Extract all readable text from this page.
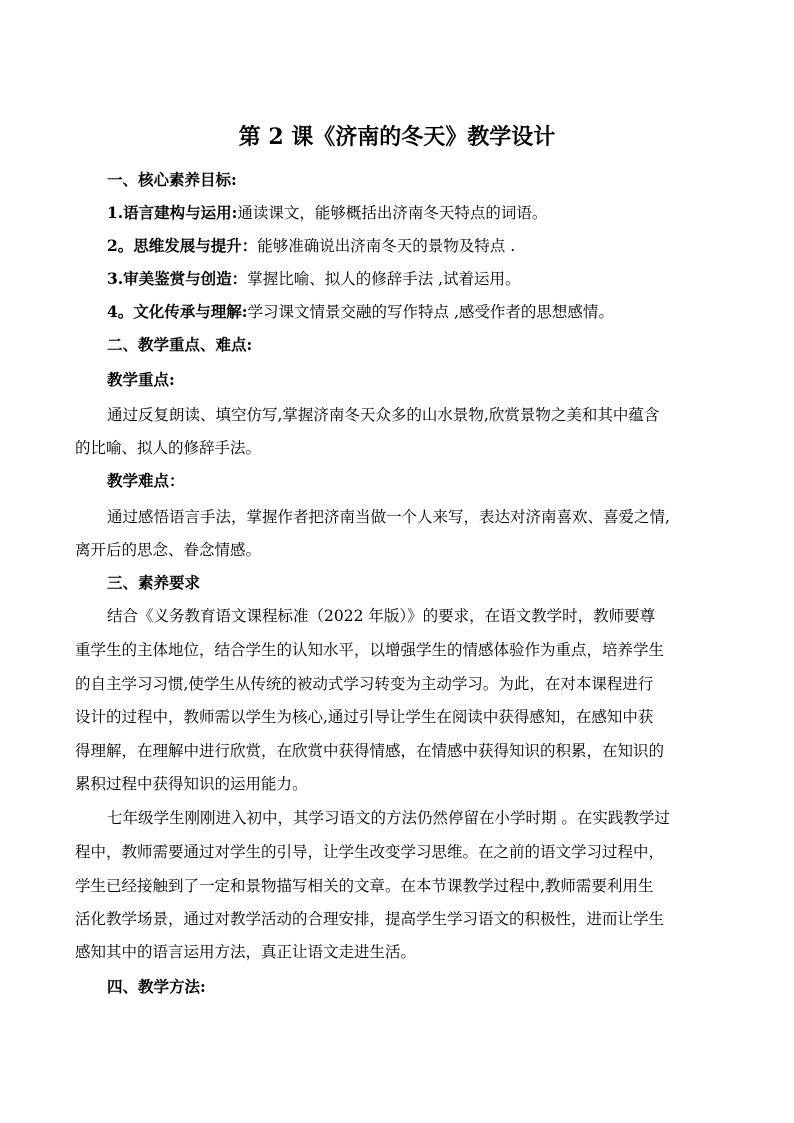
第 2 课《济南的冬天》教学设计
一、核心素养目标:
1.语言建构与运用:通读课文，能够概括出济南冬天特点的词语。
2。思维发展与提升：能够准确说出济南冬天的景物及特点 .
3.审美鉴赏与创造：掌握比喻、拟人的修辞手法 ,试着运用。
4。文化传承与理解:学习课文情景交融的写作特点 ,感受作者的思想感情。
二、教学重点、难点:
教学重点:
通过反复朗读、填空仿写,掌握济南冬天众多的山水景物,欣赏景物之美和其中蕴含
的比喻、拟人的修辞手法。
教学难点：
通过感悟语言手法，掌握作者把济南当做一个人来写，表达对济南喜欢、喜爱之情,
离开后的思念、眷念情感。
三、素养要求
结合《义务教育语文课程标准（2022 年版）》的要求，在语文教学时，教师要尊
重学生的主体地位，结合学生的认知水平，以增强学生的情感体验作为重点，培养学生
的自主学习习惯,使学生从传统的被动式学习转变为主动学习。为此，在对本课程进行
设计的过程中，教师需以学生为核心,通过引导让学生在阅读中获得感知，在感知中获
得理解，在理解中进行欣赏，在欣赏中获得情感，在情感中获得知识的积累，在知识的
累积过程中获得知识的运用能力。
七年级学生刚刚进入初中，其学习语文的方法仍然停留在小学时期 。在实践教学过
程中，教师需要通过对学生的引导，让学生改变学习思维。在之前的语文学习过程中，
学生已经接触到了一定和景物描写相关的文章。在本节课教学过程中,教师需要利用生
活化教学场景，通过对教学活动的合理安排，提高学生学习语文的积极性，进而让学生
感知其中的语言运用方法，真正让语文走进生活。
四、教学方法:
